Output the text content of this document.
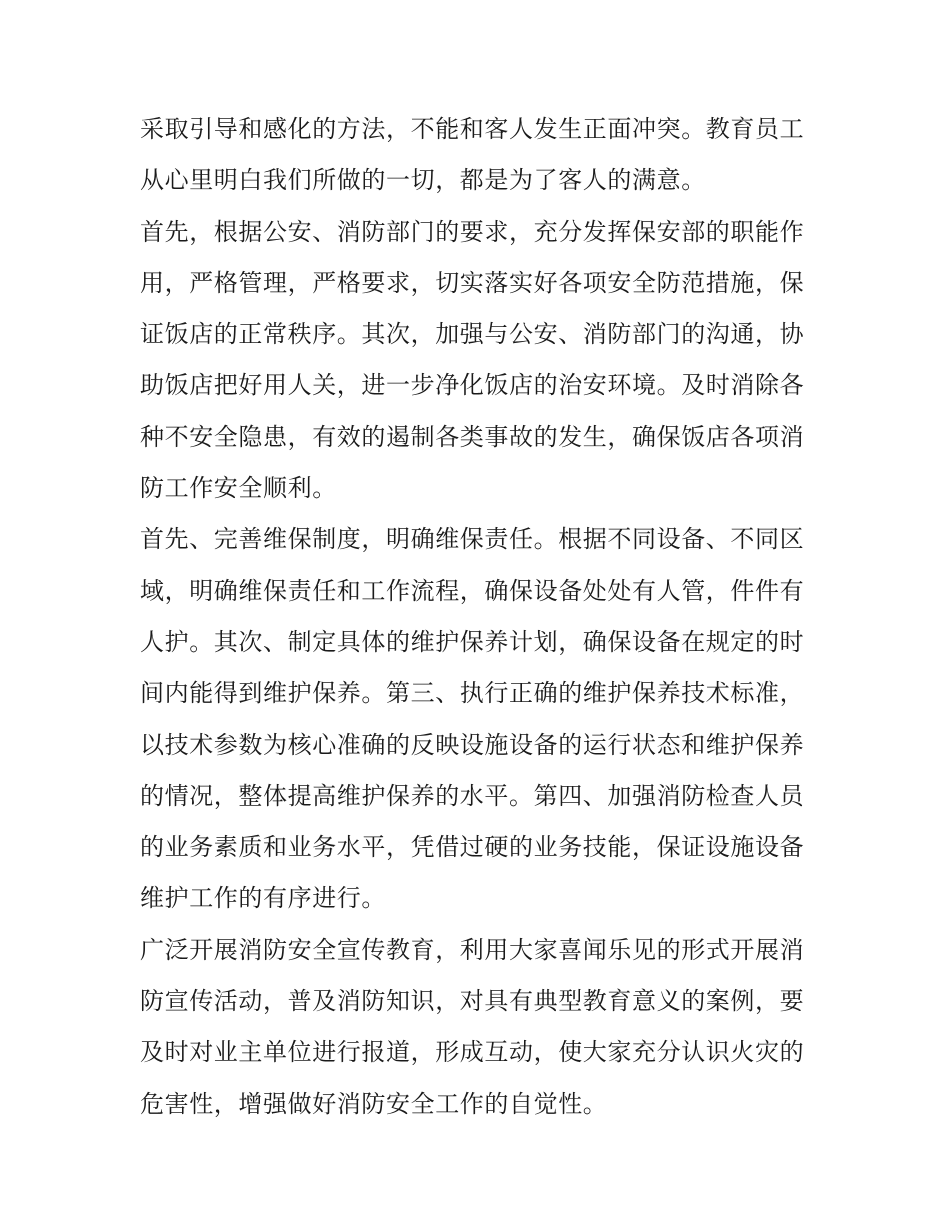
采取引导和感化的方法，不能和客人发生正面冲突。教育员工
从心里明白我们所做的一切，都是为了客人的满意。
首先，根据公安、消防部门的要求，充分发挥保安部的职能作
用，严格管理，严格要求，切实落实好各项安全防范措施，保
证饭店的正常秩序。其次，加强与公安、消防部门的沟通，协
助饭店把好用人关，进一步净化饭店的治安环境。及时消除各
种不安全隐患，有效的遏制各类事故的发生，确保饭店各项消
防工作安全顺利。
首先、完善维保制度，明确维保责任。根据不同设备、不同区
域，明确维保责任和工作流程，确保设备处处有人管，件件有
人护。其次、制定具体的维护保养计划，确保设备在规定的时
间内能得到维护保养。第三、执行正确的维护保养技术标准，
以技术参数为核心准确的反映设施设备的运行状态和维护保养
的情况，整体提高维护保养的水平。第四、加强消防检查人员
的业务素质和业务水平，凭借过硬的业务技能，保证设施设备
维护工作的有序进行。
广泛开展消防安全宣传教育，利用大家喜闻乐见的形式开展消
防宣传活动，普及消防知识，对具有典型教育意义的案例，要
及时对业主单位进行报道，形成互动，使大家充分认识火灾的
危害性，增强做好消防安全工作的自觉性。
